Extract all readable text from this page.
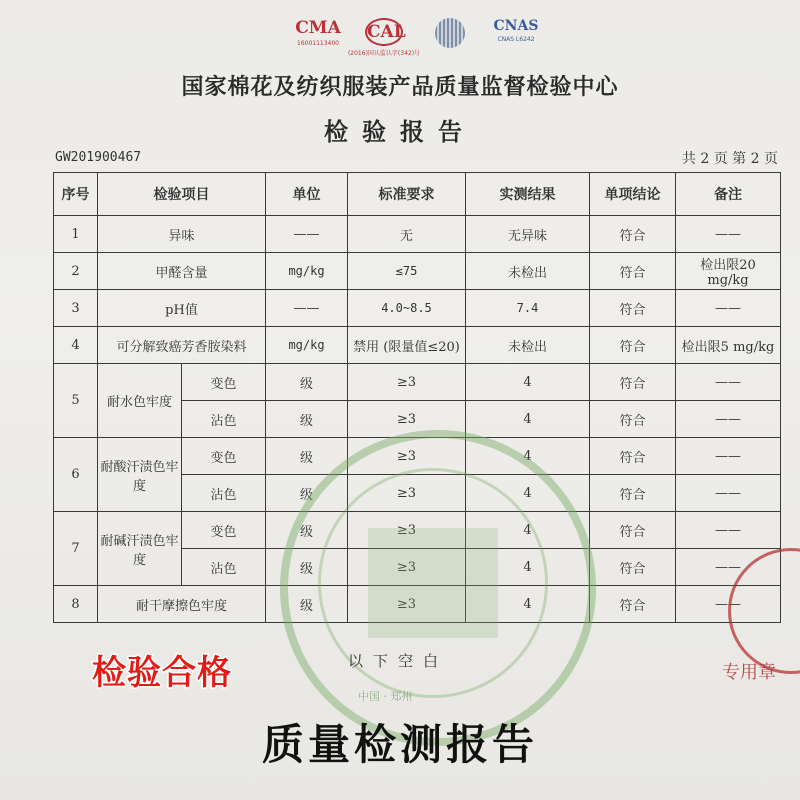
CMA
16001113400
CAL
(2016)国认监认字(342)号
CNAS
CNAS L6242
国家棉花及纺织服装产品质量监督检验中心
检验报告
GW201900467	共 2 页 第 2 页
序号	检验项目		单位	标准要求	实测结果	单项结论	备注
1	异味		——	无	无异味	符合	——
2	甲醛含量		mg/kg	≤75	未检出	符合	检出限20 mg/kg
3	pH值		——	4.0~8.5	7.4	符合	——
4	可分解致癌芳香胺染料		mg/kg	禁用 (限量值≤20)	未检出	符合	检出限5 mg/kg
5	耐水色牢度	变色	级	≥3	4	符合	——
		沾色	级	≥3	4	符合	——
6	耐酸汗渍色牢度	变色	级	≥3	4	符合	——
		沾色	级	≥3	4	符合	——
7	耐碱汗渍色牢度	变色	级	≥3	4	符合	——
		沾色	级	≥3	4	符合	——
8	耐干摩擦色牢度		级	≥3	4	符合	——
中国 · 郑州
专用章
以下空白
检验合格
质量检测报告
